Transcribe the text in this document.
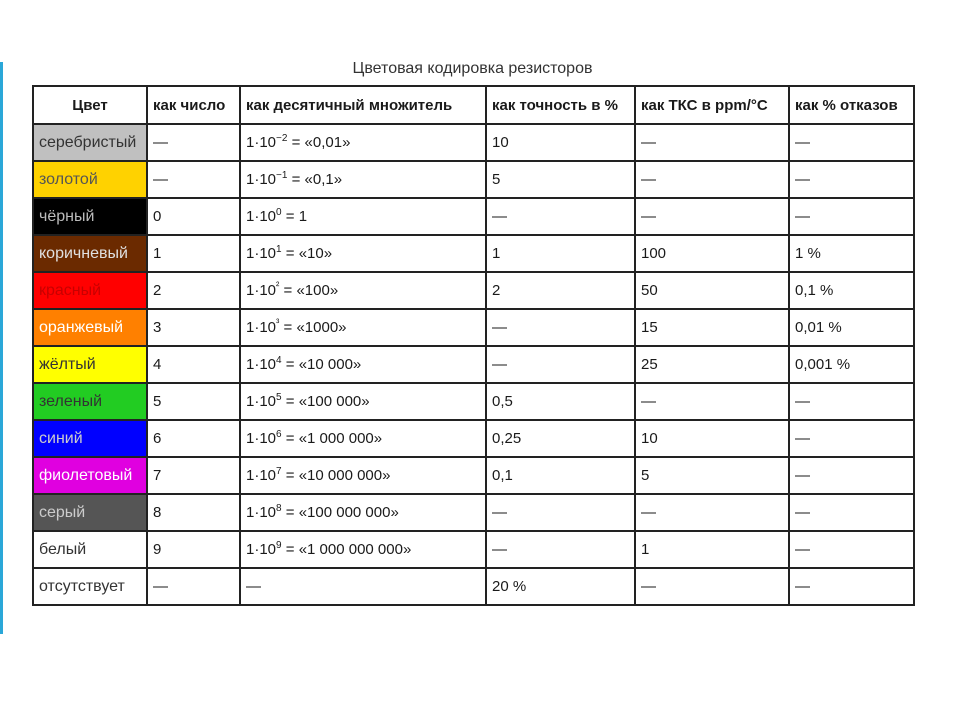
Цветовая кодировка резисторов
Цвет	как число	как десятичный множитель	как точность в %	как ТКС в ppm/°С	как % отказов
серебристый	—	$1\cdot 10^{-2}$ = «0,01»	10	—	—
золотой	—	$1\cdot 10^{-1}$ = «0,1»	5	—	—
чёрный	0	$1\cdot 10^0 = 1$	—	—	—
коричневый	1	$1\cdot 10^1$ = «10»	1	100	1 %
красный	2	$1\cdot 10^{^2}$ = «100»	2	50	0,1 %
оранжевый	3	$1\cdot 10^{^3}$ = «1000»	—	15	0,01 %
жёлтый	4	$1\cdot 10^4$ = «10 000»	—	25	0,001 %
зеленый	5	$1\cdot 10^5$ = «100 000»	0,5	—	—
синий	6	$1\cdot 10^6$ = «1 000 000»	0,25	10	—
фиолетовый	7	$1\cdot 10^7$ = «10 000 000»	0,1	5	—
серый	8	$1\cdot 10^8$ = «100 000 000»	—	—	—
белый	9	$1\cdot 10^9$ = «1 000 000 000»	—	1	—
отсутствует	—	—	20 %	—	—
